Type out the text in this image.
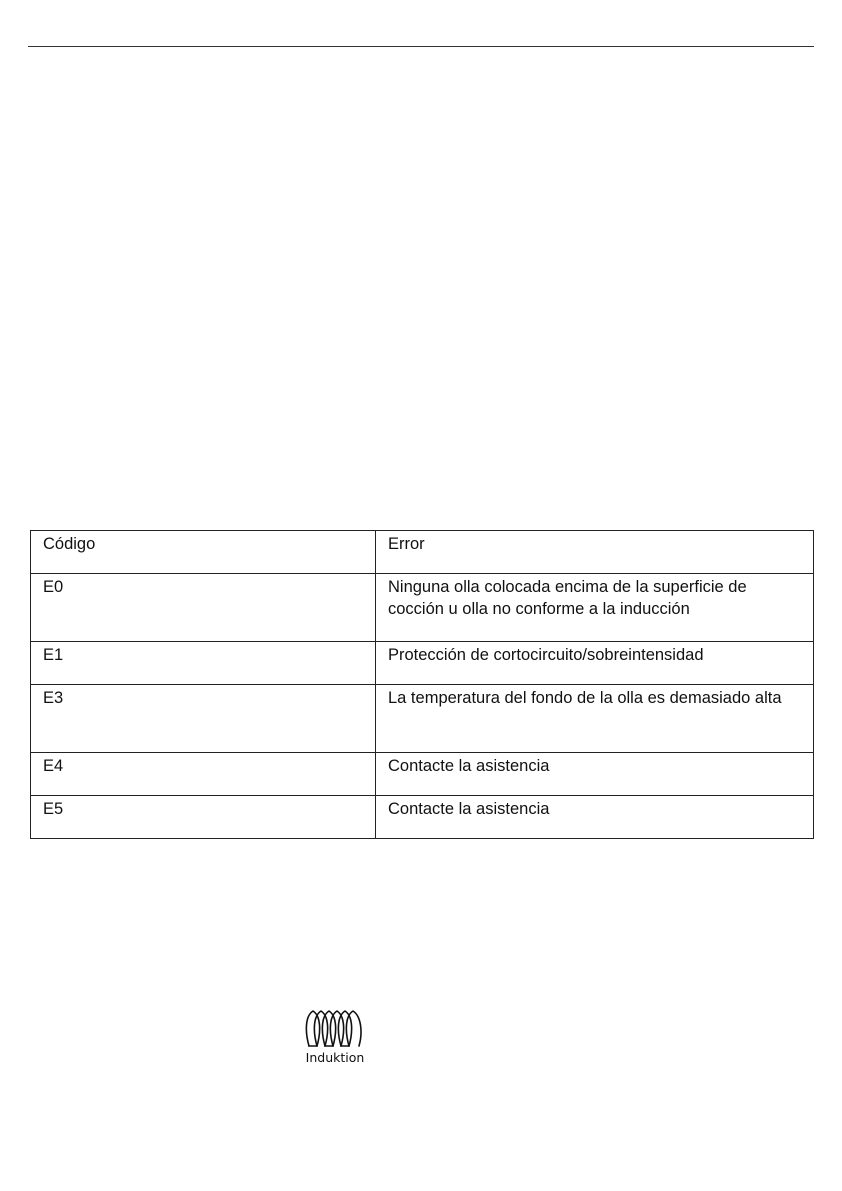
Código	Error
E0	Ninguna olla colocada encima de la superficie de cocción u olla no conforme a la inducción
E1	Protección de cortocircuito/sobreintensidad
E3	La temperatura del fondo de la olla es demasiado alta
E4	Contacte la asistencia
E5	Contacte la asistencia
Induktion
